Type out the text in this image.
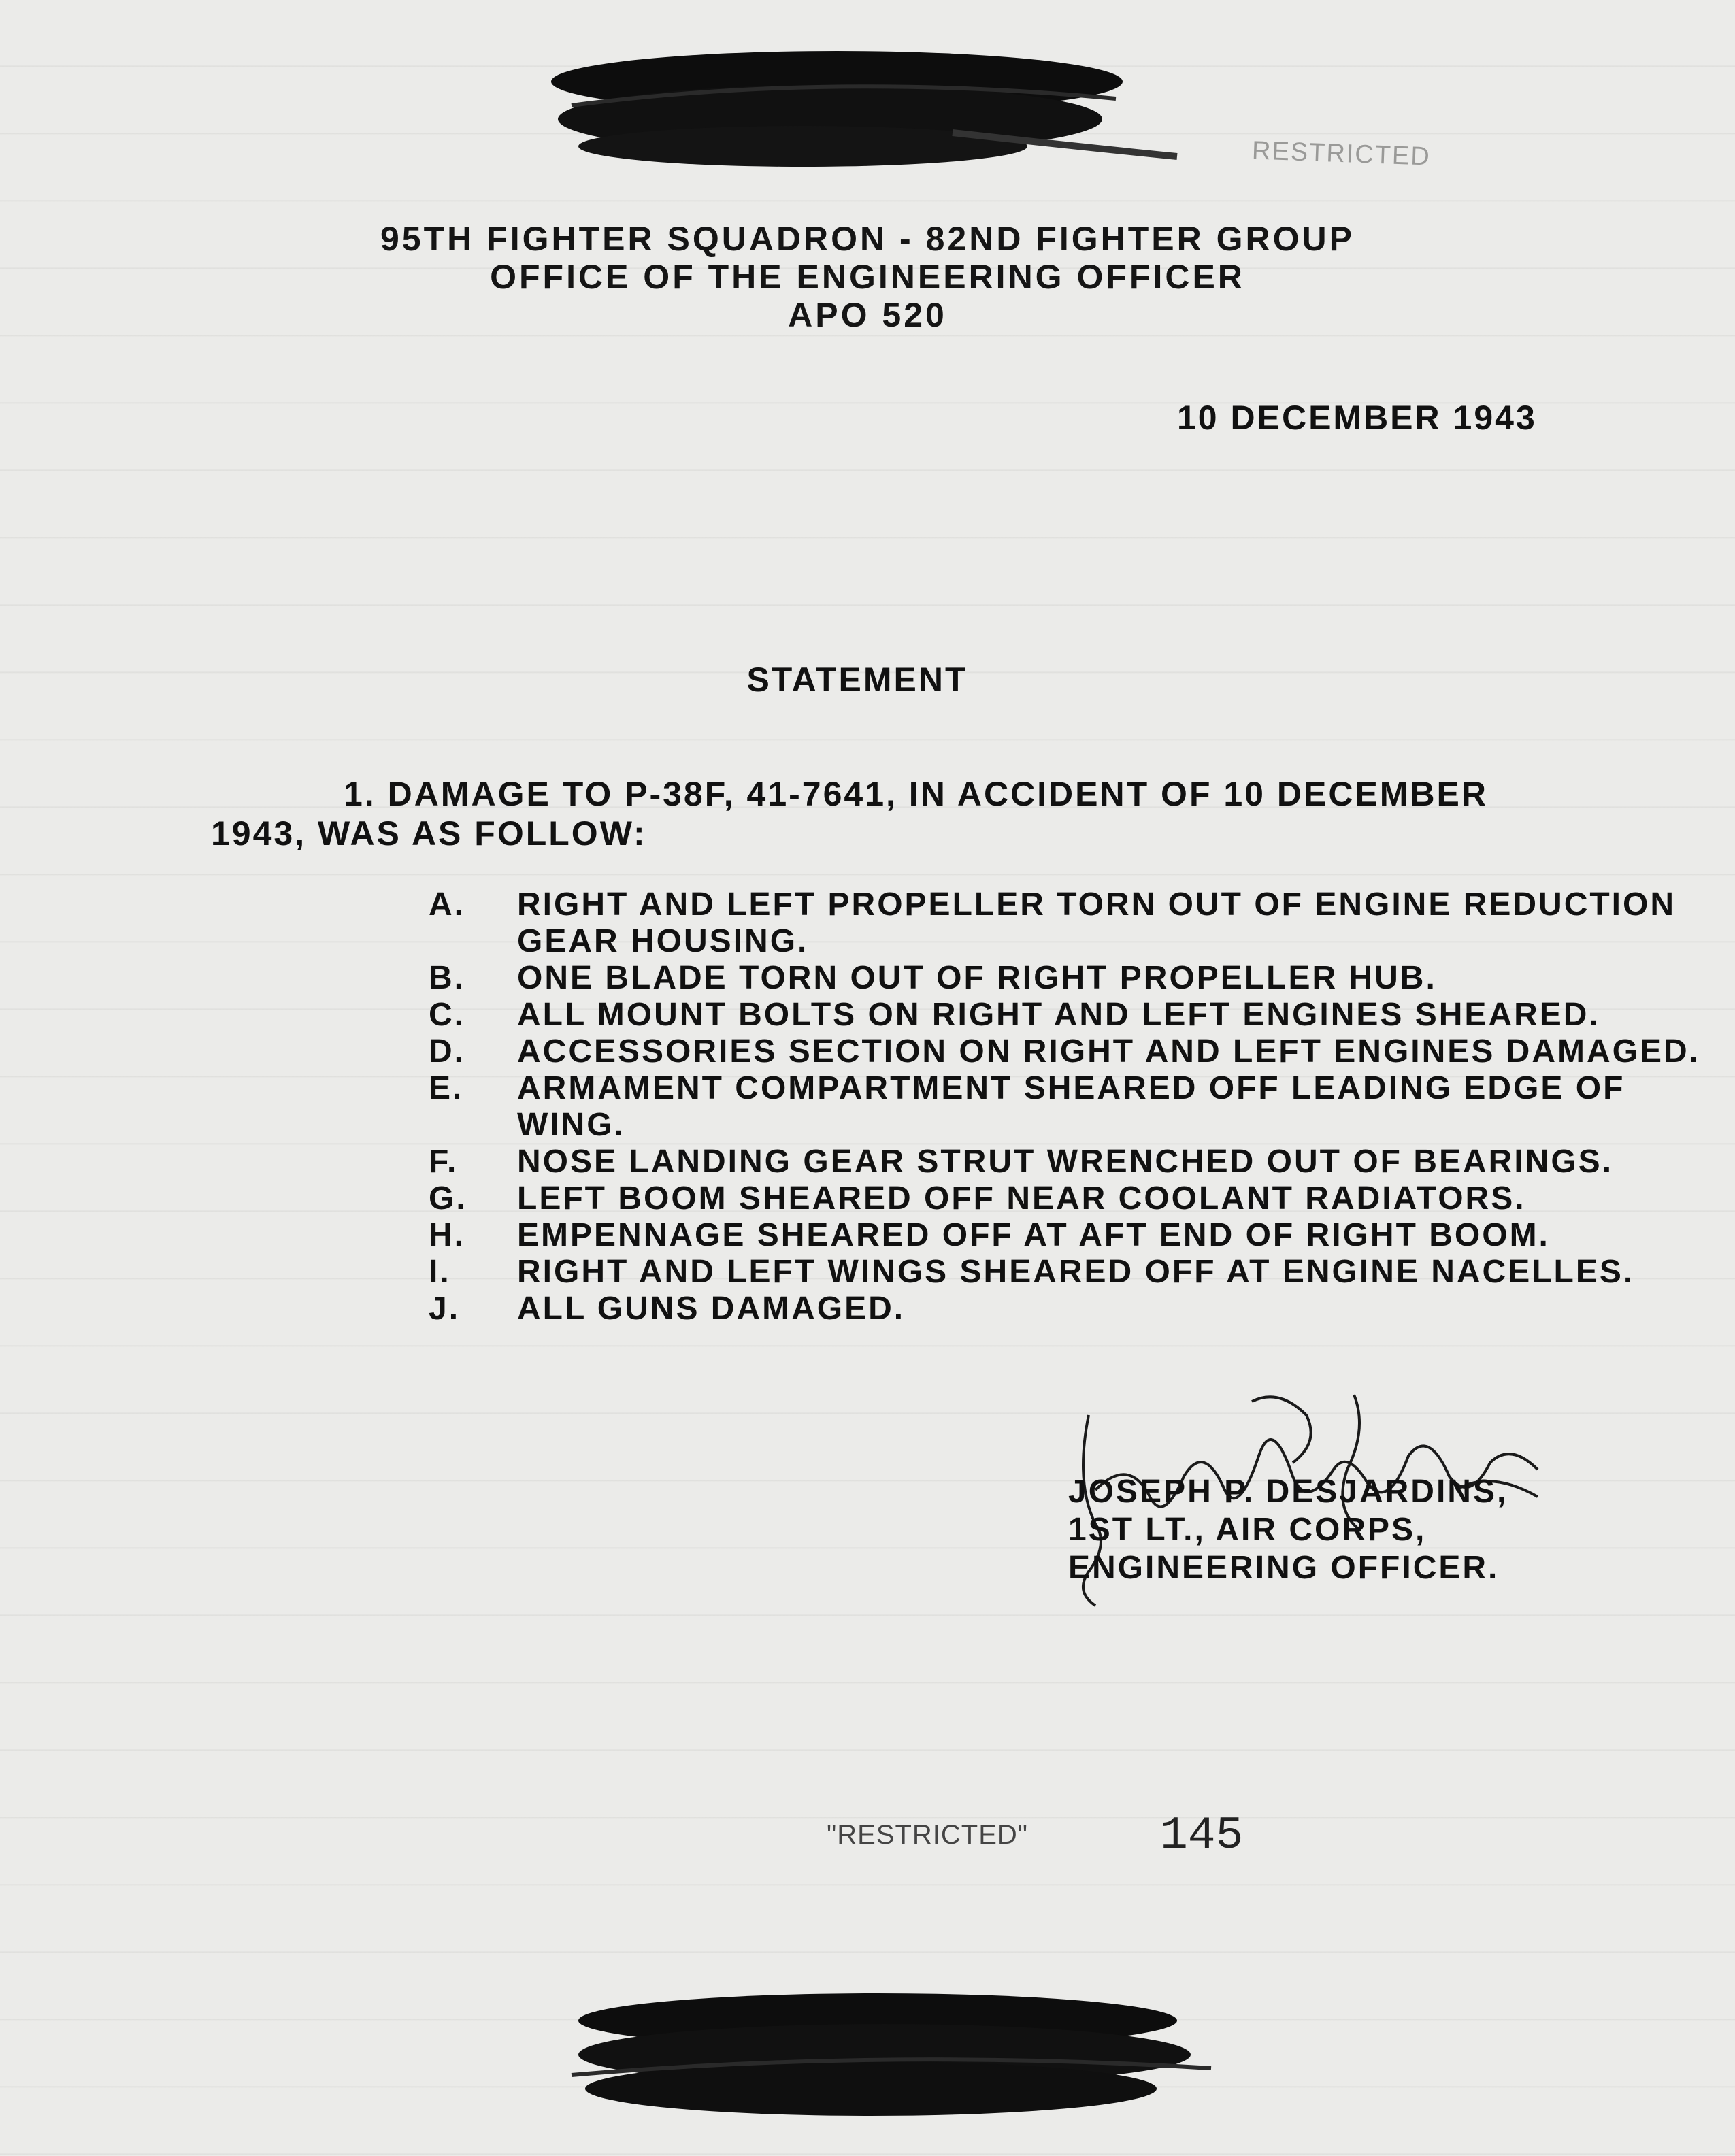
RESTRICTED
95TH FIGHTER SQUADRON - 82ND FIGHTER GROUP
OFFICE OF THE ENGINEERING OFFICER
APO 520
10 DECEMBER 1943
STATEMENT
1. DAMAGE TO P-38F, 41-7641, IN ACCIDENT OF 10 DECEMBER
1943, WAS AS FOLLOW:
A.	RIGHT AND LEFT PROPELLER TORN OUT OF ENGINE REDUCTION GEAR HOUSING.
B.	ONE BLADE TORN OUT OF RIGHT PROPELLER HUB.
C.	ALL MOUNT BOLTS ON RIGHT AND LEFT ENGINES SHEARED.
D.	ACCESSORIES SECTION ON RIGHT AND LEFT ENGINES DAMAGED.
E.	ARMAMENT COMPARTMENT SHEARED OFF LEADING EDGE OF WING.
F.	NOSE LANDING GEAR STRUT WRENCHED OUT OF BEARINGS.
G.	LEFT BOOM SHEARED OFF NEAR COOLANT RADIATORS.
H.	EMPENNAGE SHEARED OFF AT AFT END OF RIGHT BOOM.
I.	RIGHT AND LEFT WINGS SHEARED OFF AT ENGINE NACELLES.
J.	ALL GUNS DAMAGED.
JOSEPH P. DESJARDINS,
1ST LT., AIR CORPS,
ENGINEERING OFFICER.
"RESTRICTED"	145
